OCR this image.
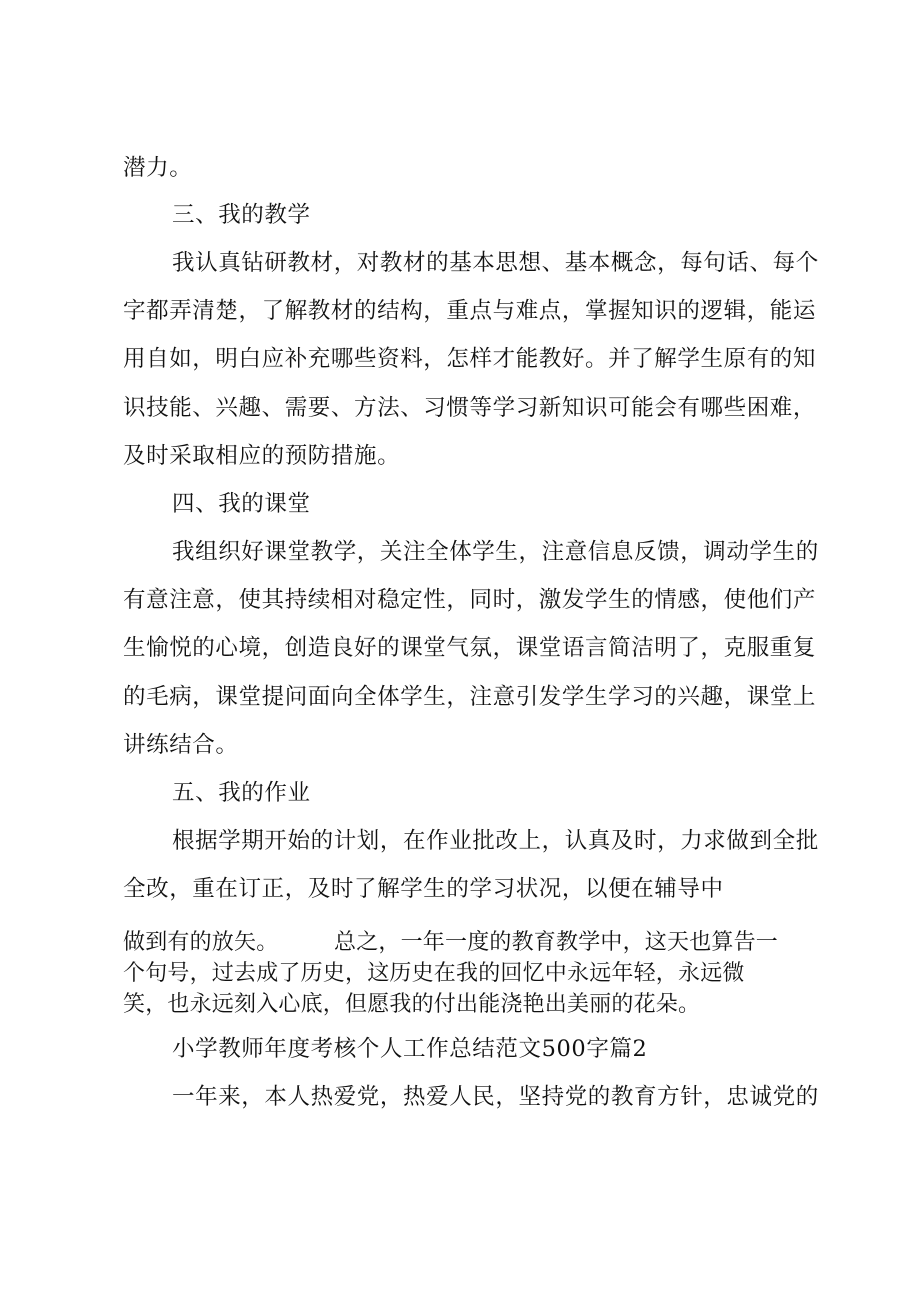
潜力。
三、我的教学
我认真钻研教材，对教材的基本思想、基本概念，每句话、每个
字都弄清楚，了解教材的结构，重点与难点，掌握知识的逻辑，能运
用自如，明白应补充哪些资料，怎样才能教好。并了解学生原有的知
识技能、兴趣、需要、方法、习惯等学习新知识可能会有哪些困难，
及时采取相应的预防措施。
四、我的课堂
我组织好课堂教学，关注全体学生，注意信息反馈，调动学生的
有意注意，使其持续相对稳定性，同时，激发学生的情感，使他们产
生愉悦的心境，创造良好的课堂气氛，课堂语言简洁明了，克服重复
的毛病，课堂提问面向全体学生，注意引发学生学习的兴趣，课堂上
讲练结合。
五、我的作业
根据学期开始的计划，在作业批改上，认真及时，力求做到全批
全改，重在订正，及时了解学生的学习状况，以便在辅导中
做到有的放矢。　　　总之，一年一度的教育教学中，这天也算告一
个句号，过去成了历史，这历史在我的回忆中永远年轻，永远微
笑，也永远刻入心底，但愿我的付出能浇艳出美丽的花朵。
小学教师年度考核个人工作总结范文500字篇2
一年来，本人热爱党，热爱人民，坚持党的教育方针，忠诚党的
